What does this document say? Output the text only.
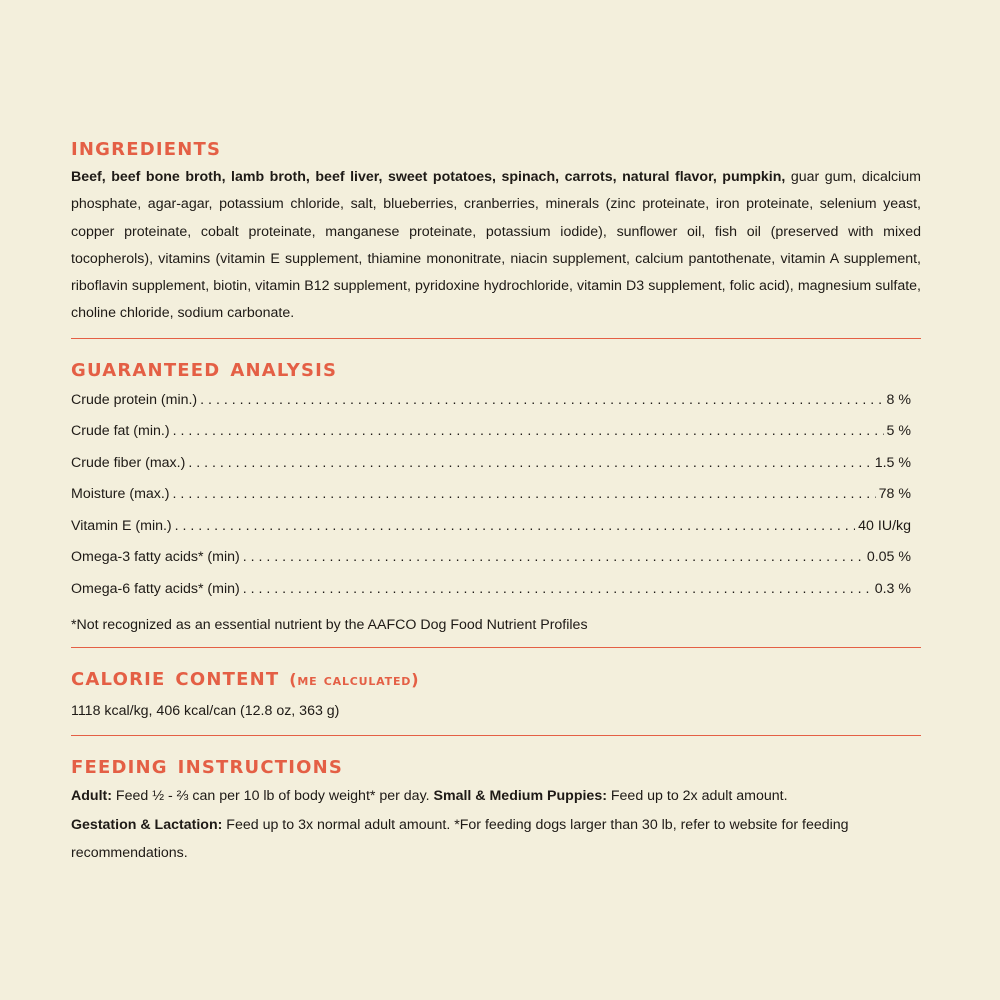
ingredients

Beef, beef bone broth, lamb broth, beef liver, sweet potatoes, spinach, carrots, natural flavor, pumpkin, guar gum, dicalcium phosphate, agar-agar, potassium chloride, salt, blueberries, cranberries, minerals (zinc proteinate, iron proteinate, selenium yeast, copper proteinate, cobalt proteinate, manganese proteinate, potassium iodide), sunflower oil, fish oil (preserved with mixed tocopherols), vitamins (vitamin E supplement, thiamine mononitrate, niacin supplement, calcium pantothenate, vitamin A supplement, riboflavin supplement, biotin, vitamin B12 supplement, pyridoxine hydrochloride, vitamin D3 supplement, folic acid), magnesium sulfate, choline chloride, sodium carbonate.

guaranteed analysis
Crude protein (min.) . . .	8 %
Crude fat (min.) . . .	5 %
Crude fiber (max.) . . .	1.5 %
Moisture (max.) . . .	78 %
Vitamin E (min.) . . .	40 IU/kg
Omega-3 fatty acids* (min) . . .	0.05 %
Omega-6 fatty acids* (min) . . .	0.3 %

*Not recognized as an essential nutrient by the AAFCO Dog Food Nutrient Profiles

calorie content (me calculated)

1118 kcal/kg, 406 kcal/can (12.8 oz, 363 g)

feeding instructions

Adult: Feed ½ - ⅔ can per 10 lb of body weight* per day. Small & Medium Puppies: Feed up to 2x adult amount.
Gestation & Lactation: Feed up to 3x normal adult amount. *For feeding dogs larger than 30 lb, refer to website for feeding recommendations.
